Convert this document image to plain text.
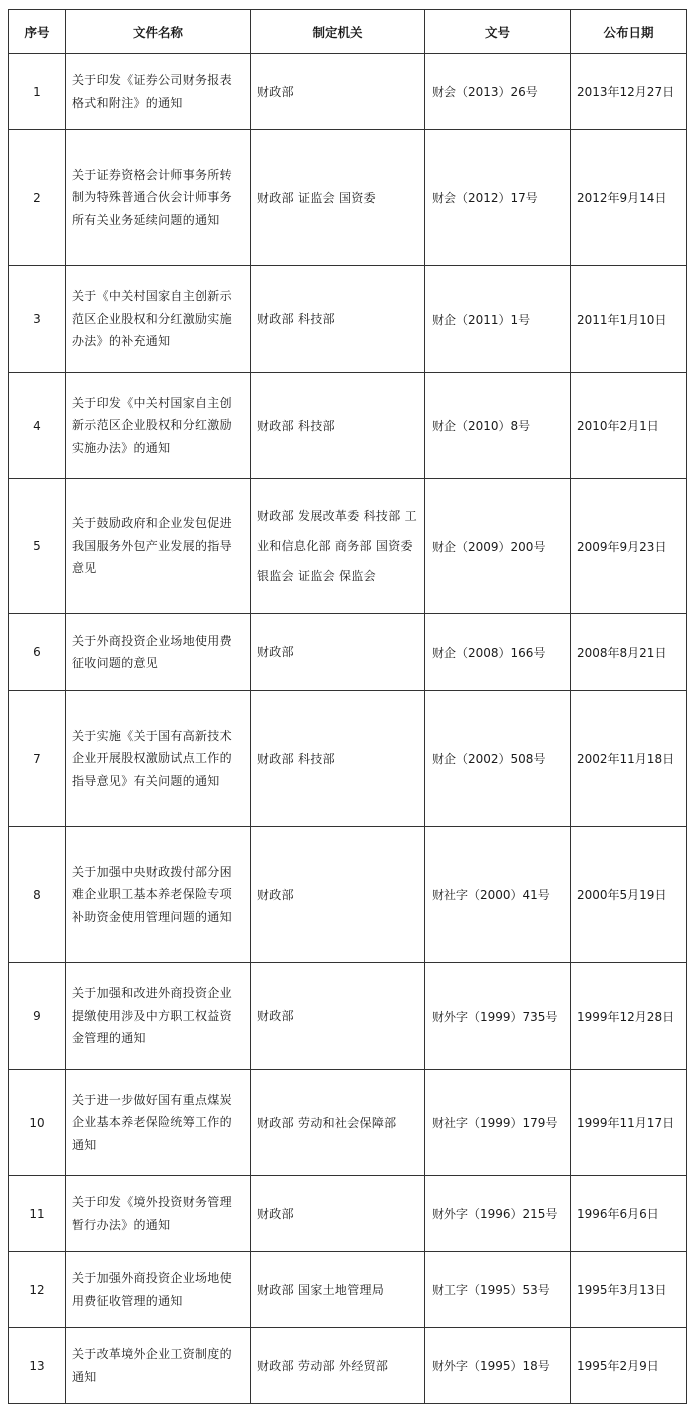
序号	文件名称	制定机关	文号	公布日期
1	关于印发《证券公司财务报表格式和附注》的通知	财政部	财会（2013）26号	2013年12月27日
2	关于证券资格会计师事务所转制为特殊普通合伙会计师事务所有关业务延续问题的通知	财政部 证监会 国资委	财会（2012）17号	2012年9月14日
3	关于《中关村国家自主创新示范区企业股权和分红激励实施办法》的补充通知	财政部 科技部	财企（2011）1号	2011年1月10日
4	关于印发《中关村国家自主创新示范区企业股权和分红激励实施办法》的通知	财政部 科技部	财企（2010）8号	2010年2月1日
5	关于鼓励政府和企业发包促进我国服务外包产业发展的指导意见	财政部 发展改革委 科技部 工业和信息化部 商务部 国资委 银监会 证监会 保监会	财企（2009）200号	2009年9月23日
6	关于外商投资企业场地使用费征收问题的意见	财政部	财企（2008）166号	2008年8月21日
7	关于实施《关于国有高新技术企业开展股权激励试点工作的指导意见》有关问题的通知	财政部 科技部	财企（2002）508号	2002年11月18日
8	关于加强中央财政拨付部分困难企业职工基本养老保险专项补助资金使用管理问题的通知	财政部	财社字（2000）41号	2000年5月19日
9	关于加强和改进外商投资企业提缴使用涉及中方职工权益资金管理的通知	财政部	财外字（1999）735号	1999年12月28日
10	关于进一步做好国有重点煤炭企业基本养老保险统筹工作的通知	财政部 劳动和社会保障部	财社字（1999）179号	1999年11月17日
11	关于印发《境外投资财务管理暂行办法》的通知	财政部	财外字（1996）215号	1996年6月6日
12	关于加强外商投资企业场地使用费征收管理的通知	财政部 国家土地管理局	财工字（1995）53号	1995年3月13日
13	关于改革境外企业工资制度的通知	财政部 劳动部 外经贸部	财外字（1995）18号	1995年2月9日
